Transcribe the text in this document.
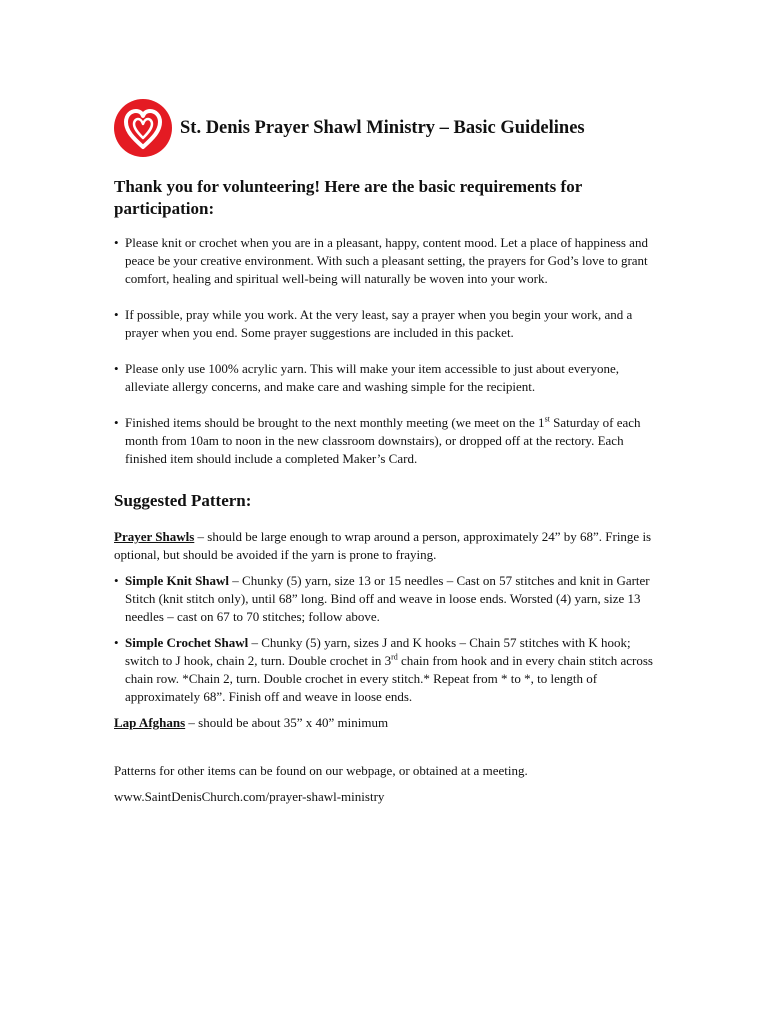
St. Denis Prayer Shawl Ministry – Basic Guidelines
Thank you for volunteering! Here are the basic requirements for participation:
• Please knit or crochet when you are in a pleasant, happy, content mood. Let a place of happiness and peace be your creative environment. With such a pleasant setting, the prayers for God’s love to grant comfort, healing and spiritual well-being will naturally be woven into your work.
• If possible, pray while you work. At the very least, say a prayer when you begin your work, and a prayer when you end. Some prayer suggestions are included in this packet.
• Please only use 100% acrylic yarn. This will make your item accessible to just about everyone, alleviate allergy concerns, and make care and washing simple for the recipient.
• Finished items should be brought to the next monthly meeting (we meet on the 1st Saturday of each month from 10am to noon in the new classroom downstairs), or dropped off at the rectory. Each finished item should include a completed Maker’s Card.
Suggested Pattern:

Prayer Shawls – should be large enough to wrap around a person, approximately 24” by 68”. Fringe is optional, but should be avoided if the yarn is prone to fraying.

• Simple Knit Shawl – Chunky (5) yarn, size 13 or 15 needles – Cast on 57 stitches and knit in Garter Stitch (knit stitch only), until 68” long. Bind off and weave in loose ends. Worsted (4) yarn, size 13 needles – cast on 67 to 70 stitches; follow above.
• Simple Crochet Shawl – Chunky (5) yarn, sizes J and K hooks – Chain 57 stitches with K hook; switch to J hook, chain 2, turn. Double crochet in 3rd chain from hook and in every chain stitch across chain row. *Chain 2, turn. Double crochet in every stitch.* Repeat from * to *, to length of approximately 68”. Finish off and weave in loose ends.

Lap Afghans – should be about 35” x 40” minimum

Patterns for other items can be found on our webpage, or obtained at a meeting.

www.SaintDenisChurch.com/prayer-shawl-ministry
